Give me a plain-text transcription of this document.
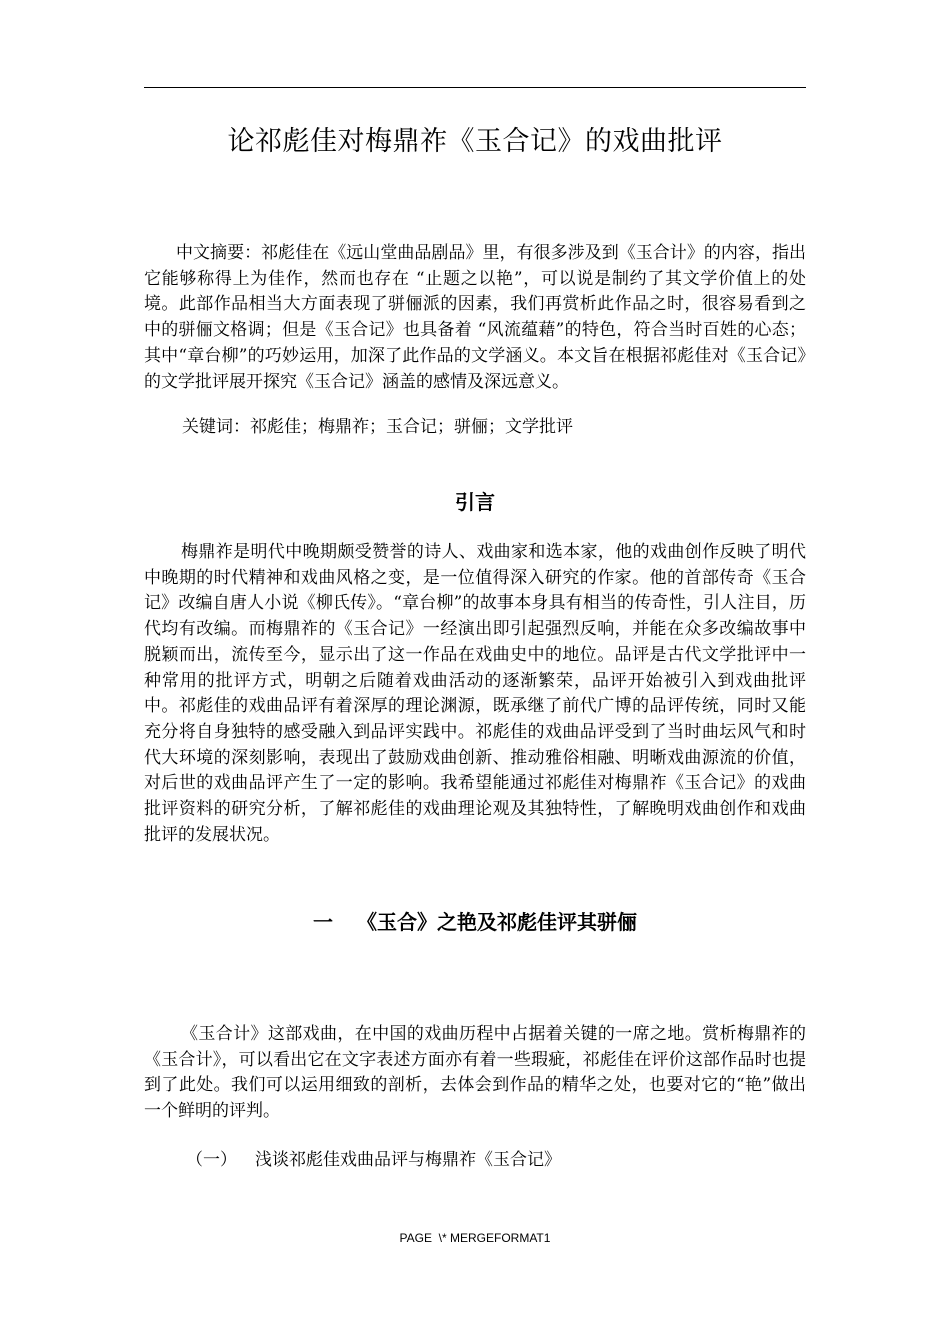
论祁彪佳对梅鼎祚《玉合记》的戏曲批评

中文摘要：祁彪佳在《远山堂曲品剧品》里，有很多涉及到《玉合计》的内容，指出它能够称得上为佳作，然而也存在 “止题之以艳”，可以说是制约了其文学价值上的处境。此部作品相当大方面表现了骈俪派的因素，我们再赏析此作品之时，很容易看到之中的骈俪文格调；但是《玉合记》也具备着 “风流蕴藉”的特色，符合当时百姓的心态；其中“章台柳”的巧妙运用，加深了此作品的文学涵义。本文旨在根据祁彪佳对《玉合记》的文学批评展开探究《玉合记》涵盖的感情及深远意义。

关键词：祁彪佳；梅鼎祚；玉合记；骈俪；文学批评

引言

梅鼎祚是明代中晚期颇受赞誉的诗人、戏曲家和选本家，他的戏曲创作反映了明代中晚期的时代精神和戏曲风格之变，是一位值得深入研究的作家。他的首部传奇《玉合记》改编自唐人小说《柳氏传》。“章台柳”的故事本身具有相当的传奇性，引人注目，历代均有改编。而梅鼎祚的《玉合记》一经演出即引起强烈反响，并能在众多改编故事中脱颖而出，流传至今，显示出了这一作品在戏曲史中的地位。品评是古代文学批评中一种常用的批评方式，明朝之后随着戏曲活动的逐渐繁荣，品评开始被引入到戏曲批评中。祁彪佳的戏曲品评有着深厚的理论渊源，既承继了前代广博的品评传统，同时又能充分将自身独特的感受融入到品评实践中。祁彪佳的戏曲品评受到了当时曲坛风气和时代大环境的深刻影响，表现出了鼓励戏曲创新、推动雅俗相融、明晰戏曲源流的价值，对后世的戏曲品评产生了一定的影响。我希望能通过祁彪佳对梅鼎祚《玉合记》的戏曲批评资料的研究分析，了解祁彪佳的戏曲理论观及其独特性，了解晚明戏曲创作和戏曲批评的发展状况。

一 《玉合》之艳及祁彪佳评其骈俪

《玉合计》这部戏曲，在中国的戏曲历程中占据着关键的一席之地。赏析梅鼎祚的《玉合计》，可以看出它在文字表述方面亦有着一些瑕疵，祁彪佳在评价这部作品时也提到了此处。我们可以运用细致的剖析，去体会到作品的精华之处，也要对它的“艳”做出一个鲜明的评判。

（一） 浅谈祁彪佳戏曲品评与梅鼎祚《玉合记》
PAGE  \* MERGEFORMAT1
